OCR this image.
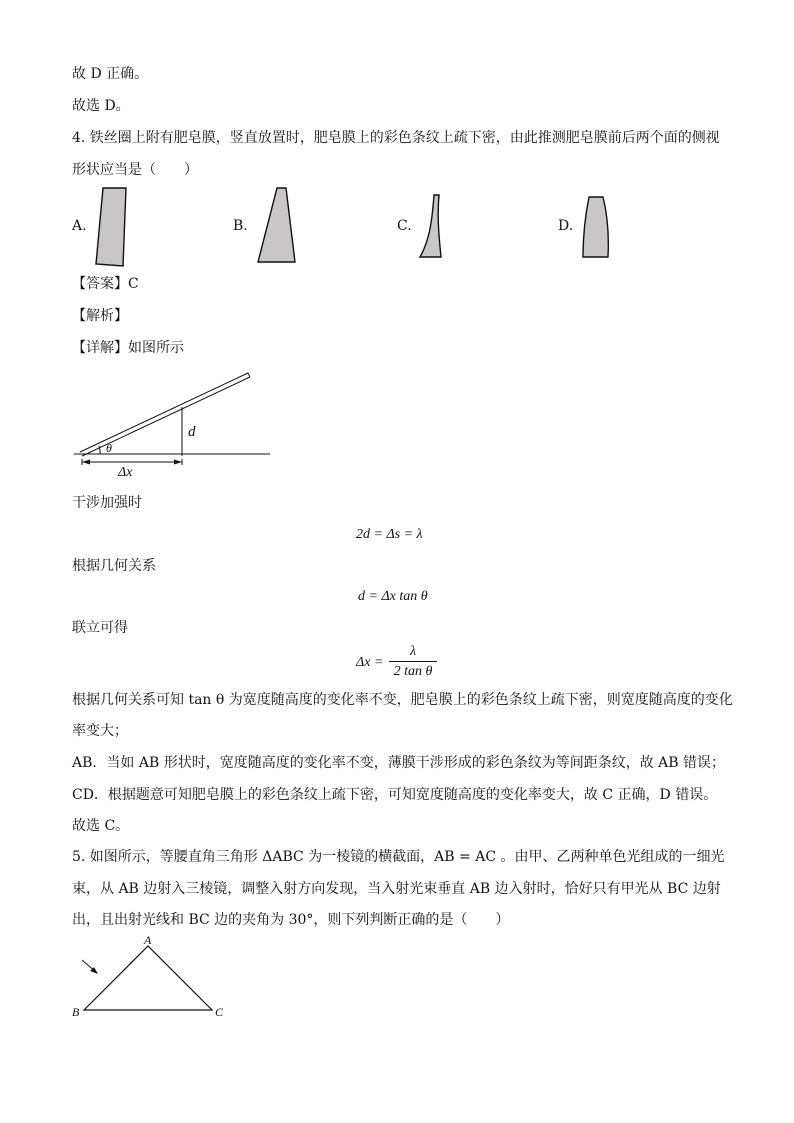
故 D 正确。
故选 D。
4. 铁丝圈上附有肥皂膜，竖直放置时，肥皂膜上的彩色条纹上疏下密，由此推测肥皂膜前后两个面的侧视
形状应当是（　　）
A.	B.	C.	D.
【答案】C
【解析】
【详解】如图所示
d
θ
Δx
干涉加强时
2d = Δs = λ
根据几何关系
d = Δx tan θ
联立可得
$\Delta x = \frac{\lambda}{\text{2 tan θ}}$
根据几何关系可知 tan θ 为宽度随高度的变化率不变，肥皂膜上的彩色条纹上疏下密，则宽度随高度的变化
率变大；
AB．当如 AB 形状时，宽度随高度的变化率不变，薄膜干涉形成的彩色条纹为等间距条纹，故 AB 错误；
CD．根据题意可知肥皂膜上的彩色条纹上疏下密，可知宽度随高度的变化率变大，故 C 正确，D 错误。
故选 C。
5. 如图所示，等腰直角三角形 ΔABC 为一棱镜的横截面，AB = AC 。由甲、乙两种单色光组成的一细光
束，从 AB 边射入三棱镜，调整入射方向发现，当入射光束垂直 AB 边入射时，恰好只有甲光从 BC 边射
出，且出射光线和 BC 边的夹角为 30°，则下列判断正确的是（　　）
A
B	C
